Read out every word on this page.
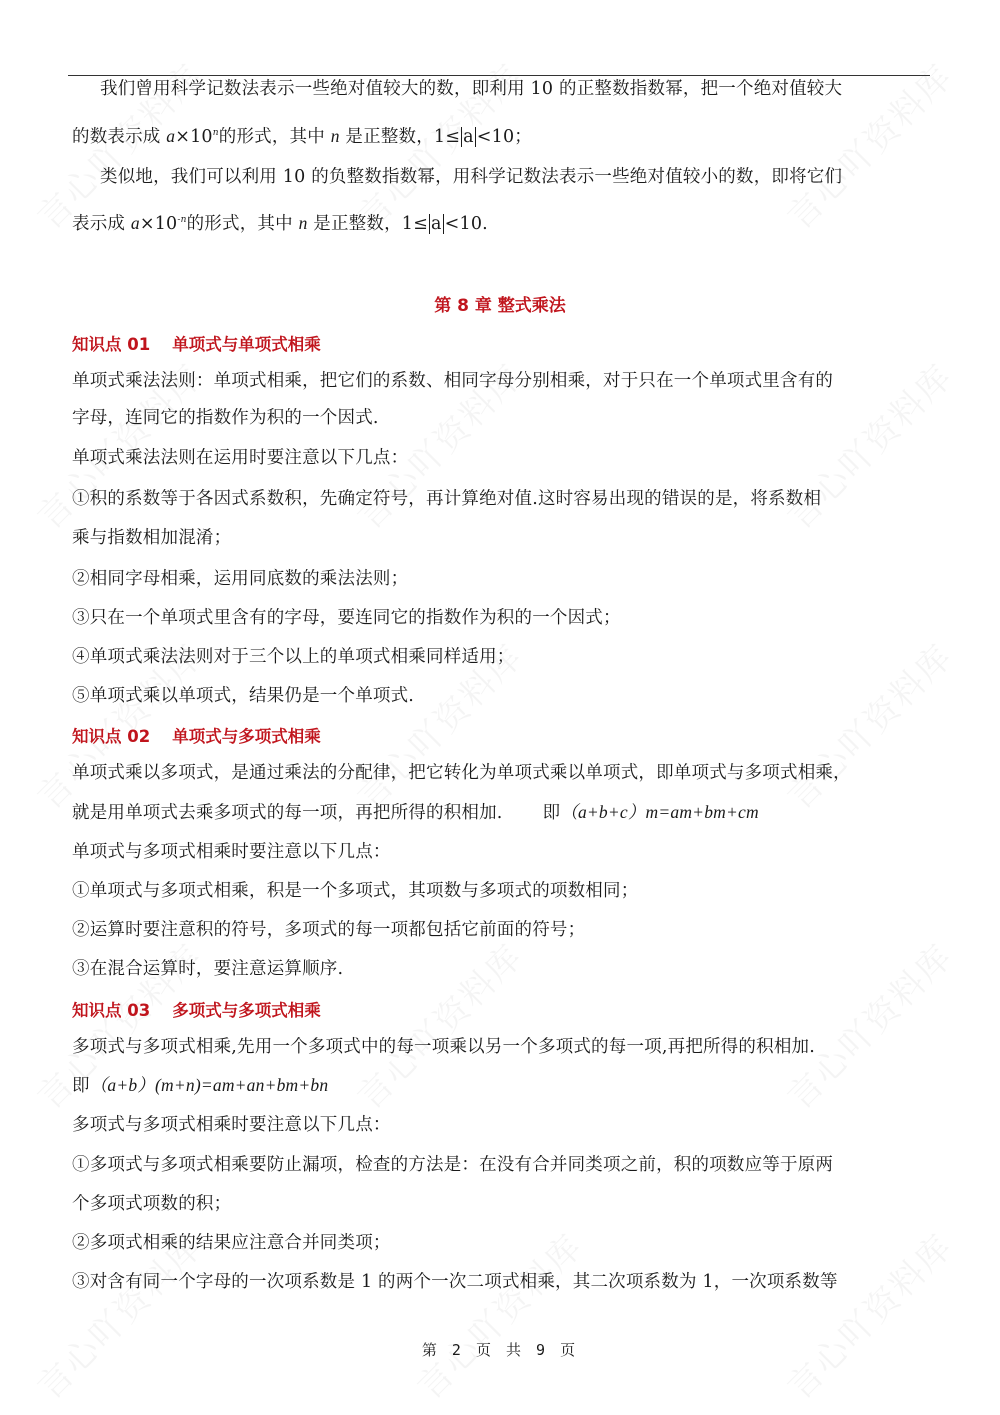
我们曾用科学记数法表示一些绝对值较大的数，即利用 10 的正整数指数幂，把一个绝对值较大
的数表示成 $a\times 10^n$的形式，其中 n 是正整数，1≤ a <10；
类似地，我们可以利用 10 的负整数指数幂，用科学记数法表示一些绝对值较小的数，即将它们
表示成 $a\times 10^{-n}$的形式，其中 n 是正整数，1≤ a <10.
第 8 章 整式乘法
知识点 01 单项式与单项式相乘
单项式乘法法则：单项式相乘，把它们的系数、相同字母分别相乘，对于只在一个单项式里含有的
字母，连同它的指数作为积的一个因式.
单项式乘法法则在运用时要注意以下几点：
①积的系数等于各因式系数积，先确定符号，再计算绝对值.这时容易出现的错误的是，将系数相
乘与指数相加混淆；
②相同字母相乘，运用同底数的乘法法则；
③只在一个单项式里含有的字母，要连同它的指数作为积的一个因式；
④单项式乘法法则对于三个以上的单项式相乘同样适用；
⑤单项式乘以单项式，结果仍是一个单项式.
知识点 02 单项式与多项式相乘
单项式乘以多项式，是通过乘法的分配律，把它转化为单项式乘以单项式，即单项式与多项式相乘，
就是用单项式去乘多项式的每一项，再把所得的积相加. 即（a+b+c）m=am+bm+cm
单项式与多项式相乘时要注意以下几点：
①单项式与多项式相乘，积是一个多项式，其项数与多项式的项数相同；
②运算时要注意积的符号，多项式的每一项都包括它前面的符号；
③在混合运算时，要注意运算顺序.
知识点 03 多项式与多项式相乘
多项式与多项式相乘,先用一个多项式中的每一项乘以另一个多项式的每一项,再把所得的积相加.
即（a+b）(m+n)=am+an+bm+bn
多项式与多项式相乘时要注意以下几点：
①多项式与多项式相乘要防止漏项，检查的方法是：在没有合并同类项之前，积的项数应等于原两
个多项式项数的积；
②多项式相乘的结果应注意合并同类项；
③对含有同一个字母的一次项系数是 1 的两个一次二项式相乘，其二次项系数为 1，一次项系数等
第 2 页 共 9 页
